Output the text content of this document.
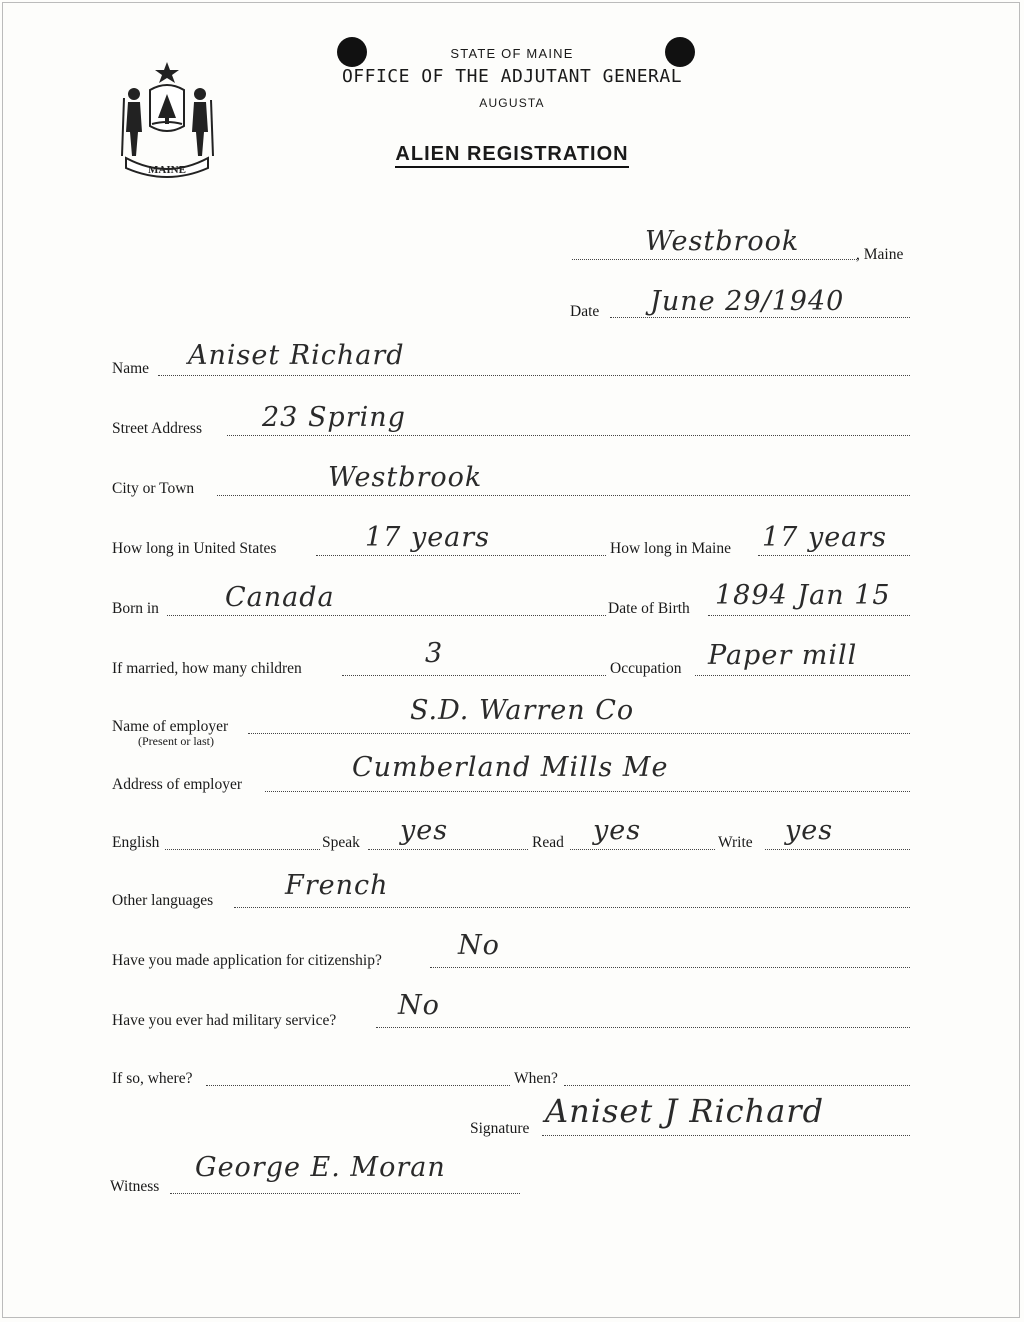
MAINE
STATE OF MAINE
OFFICE OF THE ADJUTANT GENERAL
AUGUSTA
ALIEN REGISTRATION
Westbrook	, Maine
Date June 29/1940
Name Aniset Richard
Street Address 23 Spring
City or Town	Westbrook
How long in United States	17 years	How long in Maine 17 years
Born in Canada	Date of Birth 1894 Jan 15
If married, how many children	3	Occupation Paper mill
Name of employer
(Present or last)
S.D. Warren Co
Address of employer
Cumberland Mills Me
English	Speak yes	Read yes	Write yes
Other languages	French
Have you made application for citizenship?	No
Have you ever had military service? No
If so, where?	When?
Signature Aniset J Richard
Witness
George E. Moran
